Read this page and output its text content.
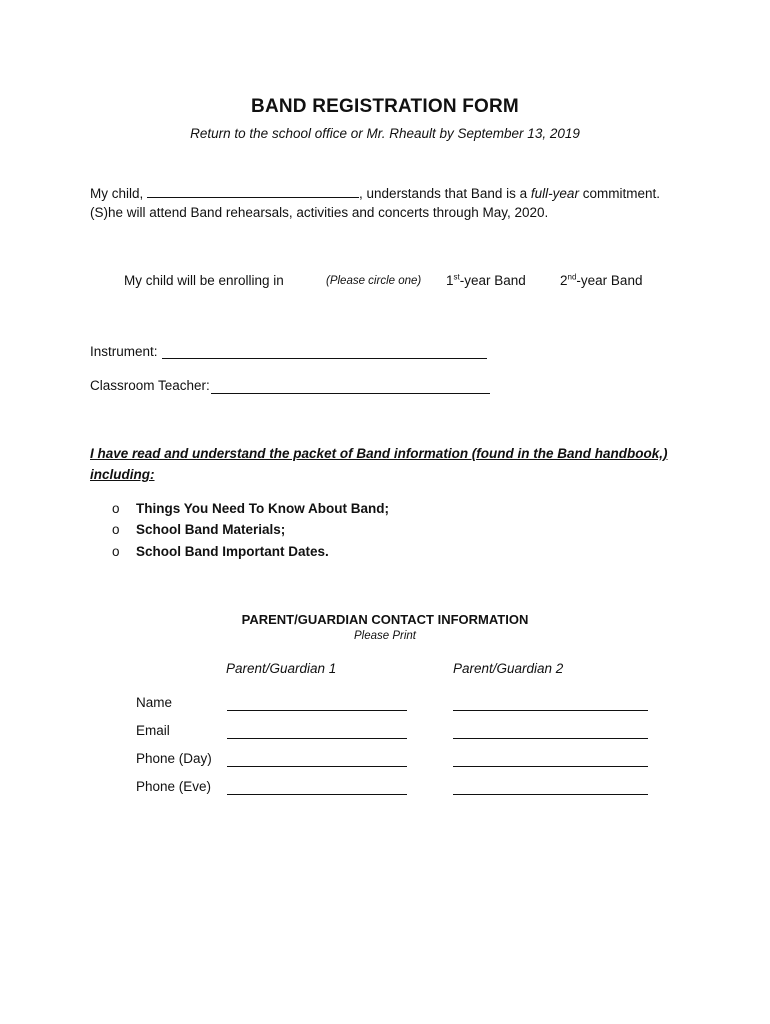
BAND REGISTRATION FORM
Return to the school office or Mr. Rheault by September 13, 2019
My child,	, understands that Band is a full-year commitment.
(S)he will attend Band rehearsals, activities and concerts through May, 2020.
My child will be enrolling in	(Please circle one) 1st-year Band	2nd-year Band
Instrument:
Classroom Teacher:
I have read and understand the packet of Band information (found in the Band handbook,)
including:
o Things You Need To Know About Band;
o School Band Materials;
o School Band Important Dates.
PARENT/GUARDIAN CONTACT INFORMATION
Please Print
Parent/Guardian 1	Parent/Guardian 2
Name
Email
Phone (Day)
Phone (Eve)
